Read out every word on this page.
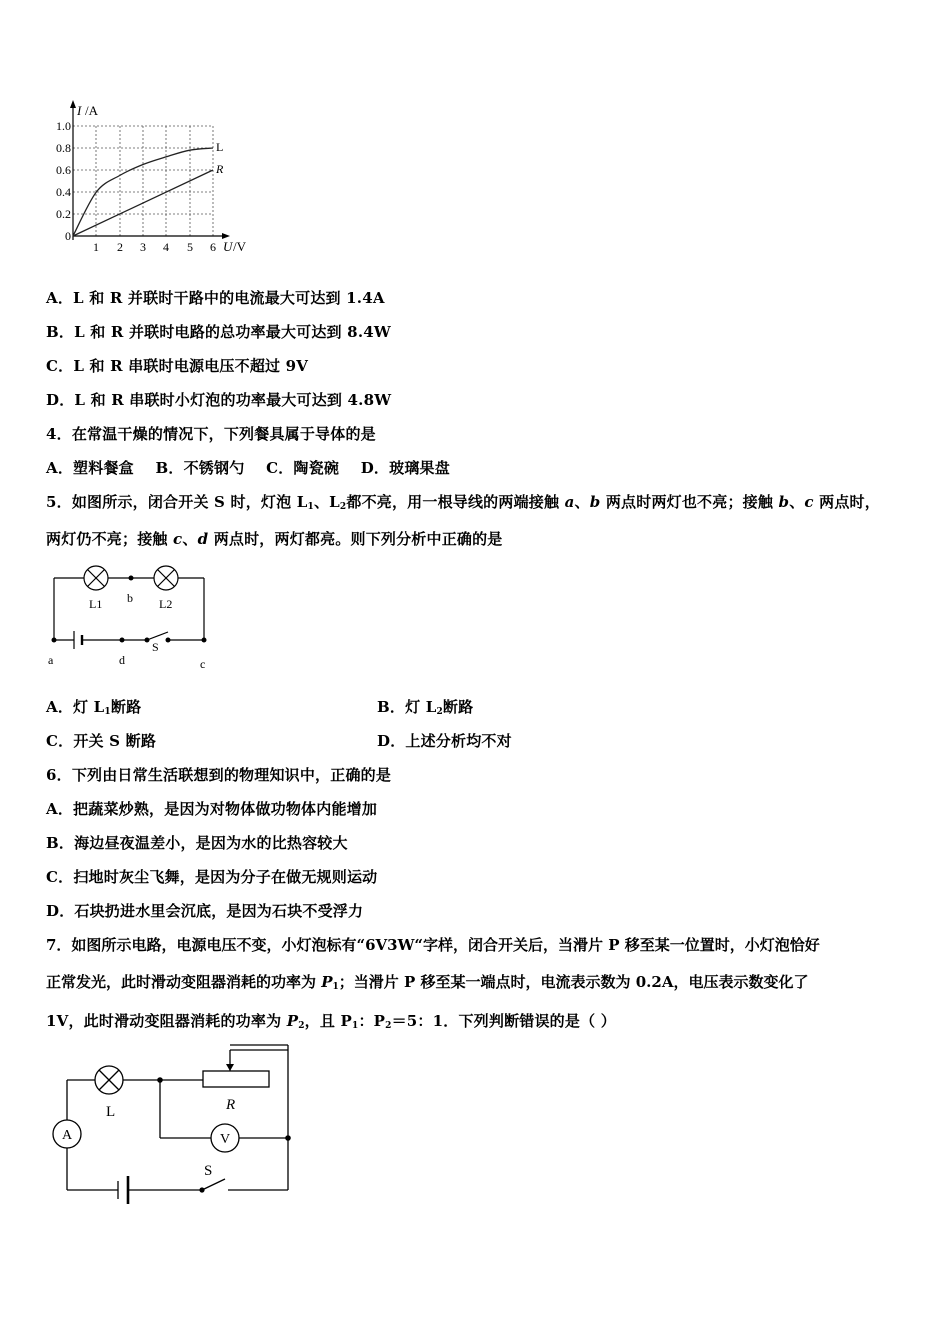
I /A
1.0
0.8
0.6
0.4
0.2
0
1 2 3 4 5 6 U /V
L
R
A．L 和 R 并联时干路中的电流最大可达到 1.4A
B．L 和 R 并联时电路的总功率最大可达到 8.4W
C．L 和 R 串联时电源电压不超过 9V
D．L 和 R 串联时小灯泡的功率最大可达到 4.8W
4．在常温干燥的情况下，下列餐具属于导体的是
A．塑料餐盒    B．不锈钢勺    C．陶瓷碗    D．玻璃果盘
5．如图所示，闭合开关 S 时，灯泡 $L_1$、$L_2$都不亮，用一根导线的两端接触 a、b 两点时两灯也不亮；接触 b、c 两点时，
两灯仍不亮；接触 c、d 两点时，两灯都亮。则下列分析中正确的是
L1 b L2
S
a	d	c
A．灯 $L_1$断路	B．灯 $L_2$断路
C．开关 S 断路	D．上述分析均不对
6．下列由日常生活联想到的物理知识中，正确的是
A．把蔬菜炒熟，是因为对物体做功物体内能增加
B．海边昼夜温差小，是因为水的比热容较大
C．扫地时灰尘飞舞，是因为分子在做无规则运动
D．石块扔进水里会沉底，是因为石块不受浮力
7．如图所示电路，电源电压不变，小灯泡标有“6V3W“字样，闭合开关后，当滑片 P 移至某一位置时，小灯泡恰好
正常发光，此时滑动变阻器消耗的功率为 $P_1$；当滑片 P 移至某一端点时，电流表示数为 0.2A，电压表示数变化了
1V，此时滑动变阻器消耗的功率为 $P_2$，且 $P_1$：$P_2=5$：1．下列判断错误的是（ ）
A	V
L	R
S
